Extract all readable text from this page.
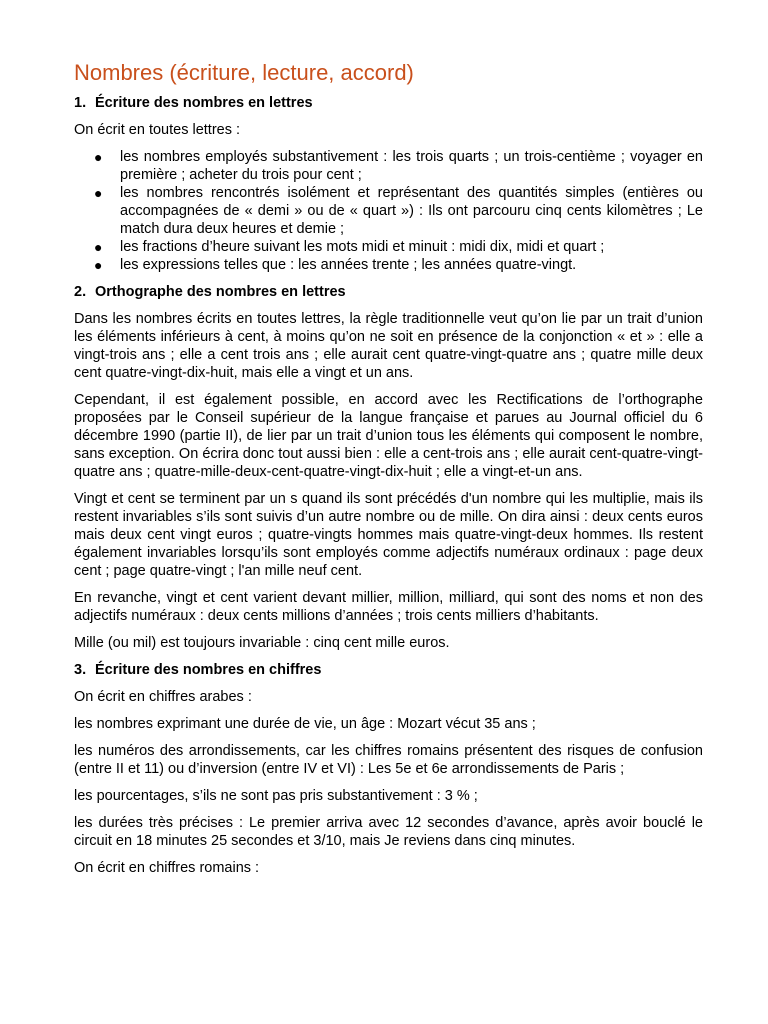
Nombres (écriture, lecture, accord)
1. Écriture des nombres en lettres

On écrit en toutes lettres :

● les nombres employés substantivement : les trois quarts ; un trois-centième ; voyager en première ; acheter du trois pour cent ;
● les nombres rencontrés isolément et représentant des quantités simples (entières ou accompagnées de « demi » ou de « quart ») : Ils ont parcouru cinq cents kilomètres ; Le match dura deux heures et demie ;
● les fractions d’heure suivant les mots midi et minuit : midi dix, midi et quart ;
● les expressions telles que : les années trente ; les années quatre-vingt.
2. Orthographe des nombres en lettres

Dans les nombres écrits en toutes lettres, la règle traditionnelle veut qu’on lie par un trait d’union les éléments inférieurs à cent, à moins qu’on ne soit en présence de la conjonction « et » : elle a vingt-trois ans ; elle a cent trois ans ; elle aurait cent quatre-vingt-quatre ans ; quatre mille deux cent quatre-vingt-dix-huit, mais elle a vingt et un ans.

Cependant, il est également possible, en accord avec les Rectifications de l’orthographe proposées par le Conseil supérieur de la langue française et parues au Journal officiel du 6 décembre 1990 (partie II), de lier par un trait d’union tous les éléments qui composent le nombre, sans exception. On écrira donc tout aussi bien : elle a cent-trois ans ; elle aurait cent-quatre-vingt-quatre ans ; quatre-mille-deux-cent-quatre-vingt-dix-huit ; elle a vingt-et-un ans.

Vingt et cent se terminent par un s quand ils sont précédés d'un nombre qui les multiplie, mais ils restent invariables s’ils sont suivis d’un autre nombre ou de mille. On dira ainsi : deux cents euros mais deux cent vingt euros ; quatre-vingts hommes mais quatre-vingt-deux hommes. Ils restent également invariables lorsqu’ils sont employés comme adjectifs numéraux ordinaux : page deux cent ; page quatre-vingt ; l'an mille neuf cent.

En revanche, vingt et cent varient devant millier, million, milliard, qui sont des noms et non des adjectifs numéraux : deux cents millions d’années ; trois cents milliers d’habitants.

Mille (ou mil) est toujours invariable : cinq cent mille euros.

3. Écriture des nombres en chiffres

On écrit en chiffres arabes :

les nombres exprimant une durée de vie, un âge : Mozart vécut 35 ans ;

les numéros des arrondissements, car les chiffres romains présentent des risques de confusion (entre II et 11) ou d’inversion (entre IV et VI) : Les 5e et 6e arrondissements de Paris ;

les pourcentages, s’ils ne sont pas pris substantivement : 3 % ;

les durées très précises : Le premier arriva avec 12 secondes d’avance, après avoir bouclé le circuit en 18 minutes 25 secondes et 3/10, mais Je reviens dans cinq minutes.

On écrit en chiffres romains :
